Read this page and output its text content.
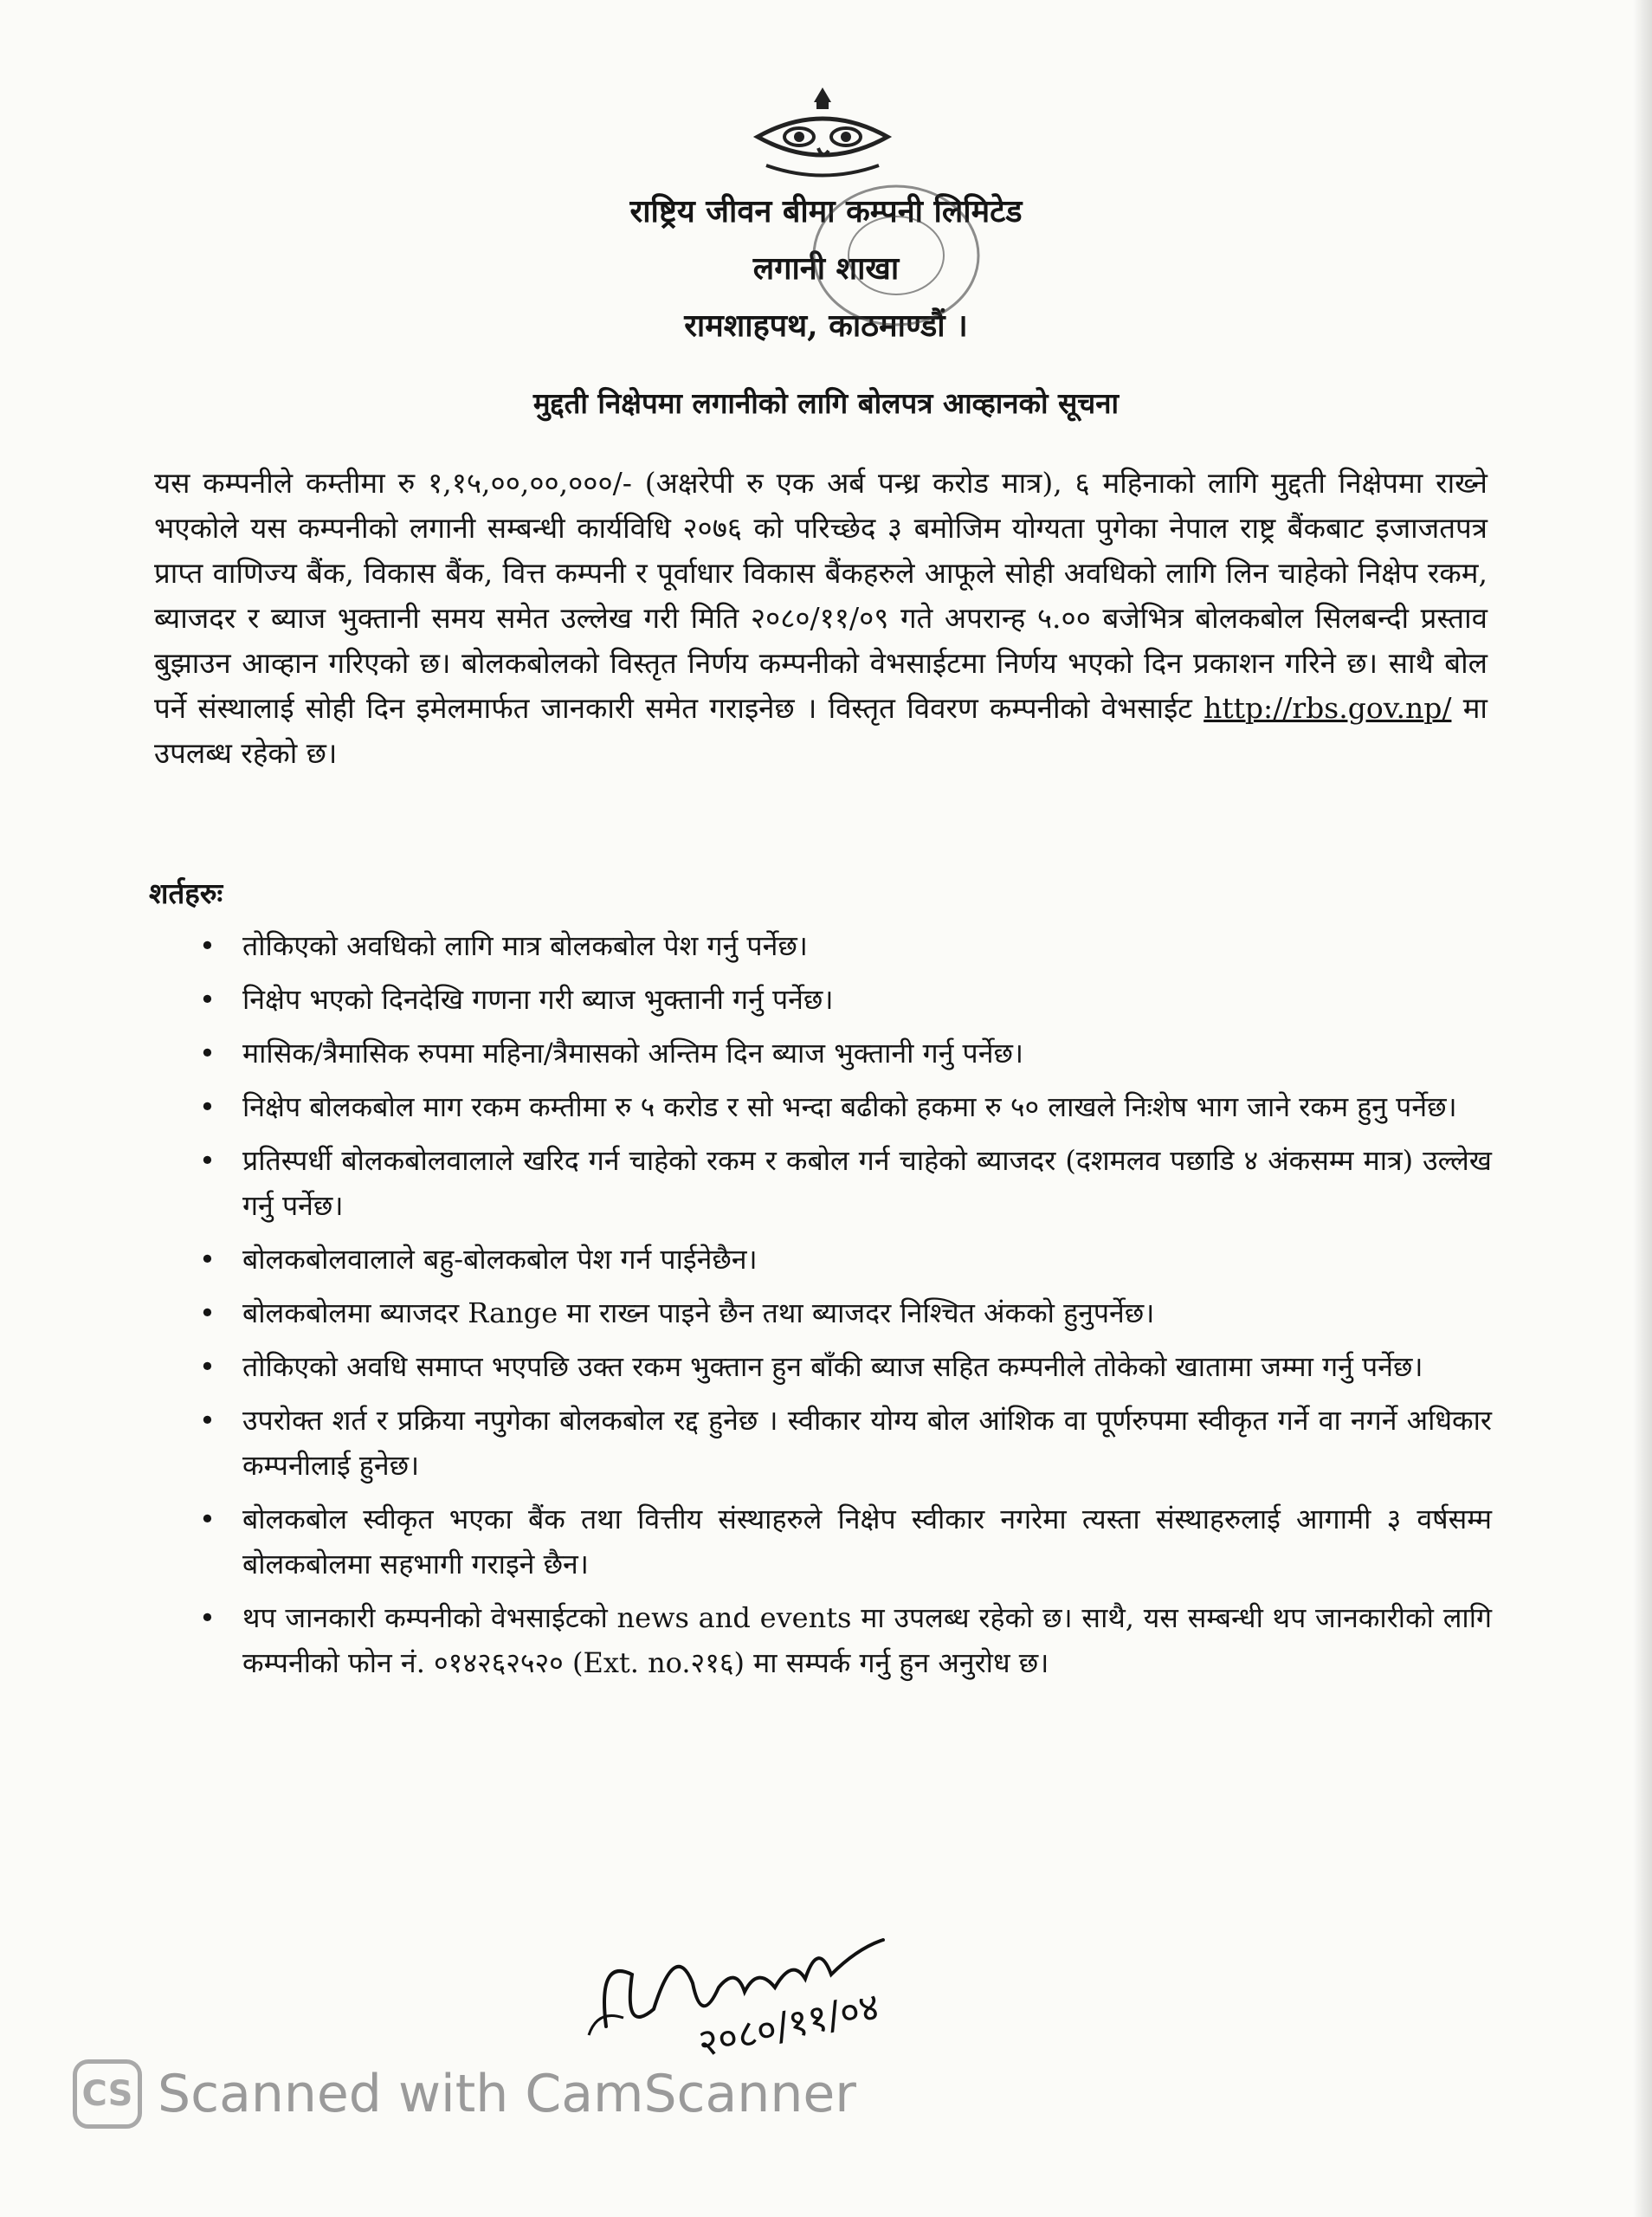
राष्ट्रिय जीवन बीमा कम्पनी लिमिटेड
लगानी शाखा
रामशाहपथ, काठमाण्डौं ।
मुद्दती निक्षेपमा लगानीको लागि बोलपत्र आव्हानको सूचना

यस कम्पनीले कम्तीमा रु १,१५,००,००,०००/- (अक्षरेपी रु एक अर्ब पन्ध्र करोड मात्र), ६ महिनाको लागि मुद्दती निक्षेपमा राख्ने भएकोले यस कम्पनीको लगानी सम्बन्धी कार्यविधि २०७६ को परिच्छेद ३ बमोजिम योग्यता पुगेका नेपाल राष्ट्र बैंकबाट इजाजतपत्र प्राप्त वाणिज्य बैंक, विकास बैंक, वित्त कम्पनी र पूर्वाधार विकास बैंकहरुले आफूले सोही अवधिको लागि लिन चाहेको निक्षेप रकम, ब्याजदर र ब्याज भुक्तानी समय समेत उल्लेख गरी मिति २०८०/११/०९ गते अपरान्ह ५.०० बजेभित्र बोलकबोल सिलबन्दी प्रस्ताव बुझाउन आव्हान गरिएको छ। बोलकबोलको विस्तृत निर्णय कम्पनीको वेभसाईटमा निर्णय भएको दिन प्रकाशन गरिने छ। साथै बोल पर्ने संस्थालाई सोही दिन इमेलमार्फत जानकारी समेत गराइनेछ । विस्तृत विवरण कम्पनीको वेभसाईट http://rbs.gov.np/ मा उपलब्ध रहेको छ।

शर्तहरुः
• तोकिएको अवधिको लागि मात्र बोलकबोल पेश गर्नु पर्नेछ।
• निक्षेप भएको दिनदेखि गणना गरी ब्याज भुक्तानी गर्नु पर्नेछ।
• मासिक/त्रैमासिक रुपमा महिना/त्रैमासको अन्तिम दिन ब्याज भुक्तानी गर्नु पर्नेछ।
• निक्षेप बोलकबोल माग रकम कम्तीमा रु ५ करोड र सो भन्दा बढीको हकमा रु ५० लाखले निःशेष भाग जाने रकम हुनु पर्नेछ।
• प्रतिस्पर्धी बोलकबोलवालाले खरिद गर्न चाहेको रकम र कबोल गर्न चाहेको ब्याजदर (दशमलव पछाडि ४ अंकसम्म मात्र) उल्लेख गर्नु पर्नेछ।
• बोलकबोलवालाले बहु-बोलकबोल पेश गर्न पाईनेछैन।
• बोलकबोलमा ब्याजदर Range मा राख्न पाइने छैन तथा ब्याजदर निश्चित अंकको हुनुपर्नेछ।
• तोकिएको अवधि समाप्त भएपछि उक्त रकम भुक्तान हुन बाँकी ब्याज सहित कम्पनीले तोकेको खातामा जम्मा गर्नु पर्नेछ।
• उपरोक्त शर्त र प्रक्रिया नपुगेका बोलकबोल रद्द हुनेछ । स्वीकार योग्य बोल आंशिक वा पूर्णरुपमा स्वीकृत गर्ने वा नगर्ने अधिकार कम्पनीलाई हुनेछ।
• बोलकबोल स्वीकृत भएका बैंक तथा वित्तीय संस्थाहरुले निक्षेप स्वीकार नगरेमा त्यस्ता संस्थाहरुलाई आगामी ३ वर्षसम्म बोलकबोलमा सहभागी गराइने छैन।
• थप जानकारी कम्पनीको वेभसाईटको news and events मा उपलब्ध रहेको छ। साथै, यस सम्बन्धी थप जानकारीको लागि कम्पनीको फोन नं. ०१४२६२५२० (Ext. no.२१६) मा सम्पर्क गर्नु हुन अनुरोध छ।
२०८०/११/०४
CS Scanned with CamScanner
